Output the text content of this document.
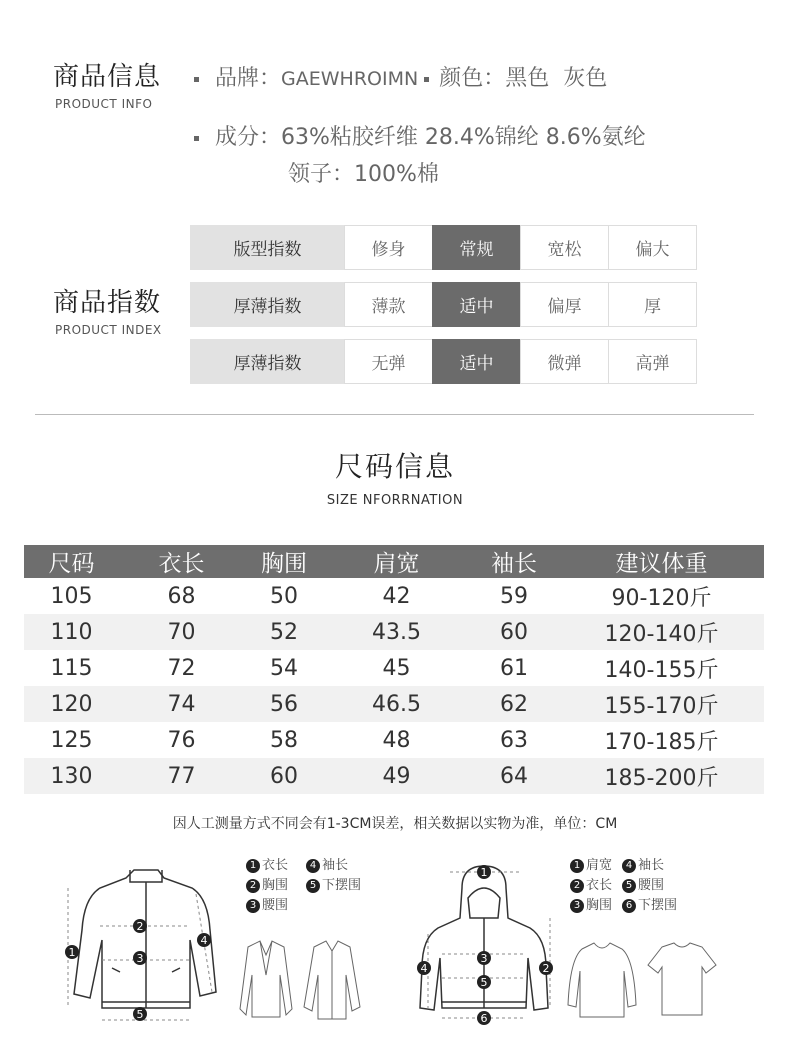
商品信息
PRODUCT INFO
品牌：GAEWHROIMN 颜色：黑色  灰色
成分：63%粘胶纤维 28.4%锦纶 8.6%氨纶
领子：100%棉
商品指数
PRODUCT INDEX
版型指数	修身	常规	宽松	偏大
厚薄指数	薄款	适中	偏厚	厚
厚薄指数	无弹	适中	微弹	高弹
尺码信息
SIZE NFORRNATION
尺码	衣长	胸围	肩宽	袖长	建议体重
105	68	50	42	59	90-120斤
110	70	52	43.5	60	120-140斤
115	72	54	45	61	140-155斤
120	74	56	46.5	62	155-170斤
125	76	58	48	63	170-185斤
130	77	60	49	64	185-200斤
因人工测量方式不同会有1-3CM误差，相关数据以实物为准，单位：CM
1
2
3
4
5
1 衣长 4 袖长
2 胸围 5 下摆围
3 腰围
1
2
3
4
5
6
1 肩宽 4 袖长
2 衣长 5 腰围
3 胸围 6 下摆围
